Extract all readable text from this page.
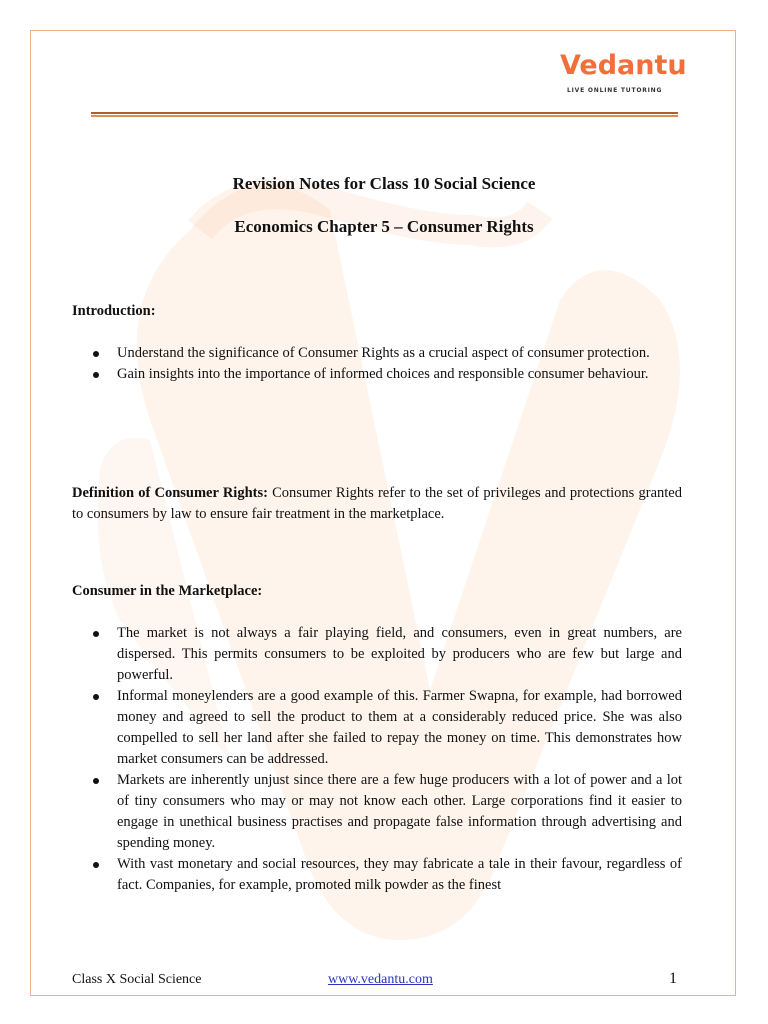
Vedantu
LIVE ONLINE TUTORING
Revision Notes for Class 10 Social Science
Economics Chapter 5 – Consumer Rights
Introduction:
Understand the significance of Consumer Rights as a crucial aspect of consumer protection.
Gain insights into the importance of informed choices and responsible consumer behaviour.
Definition of Consumer Rights: Consumer Rights refer to the set of privileges and protections granted to consumers by law to ensure fair treatment in the marketplace.
Consumer in the Marketplace:
The market is not always a fair playing field, and consumers, even in great numbers, are dispersed. This permits consumers to be exploited by producers who are few but large and powerful.
Informal moneylenders are a good example of this. Farmer Swapna, for example, had borrowed money and agreed to sell the product to them at a considerably reduced price. She was also compelled to sell her land after she failed to repay the money on time. This demonstrates how market consumers can be addressed.
Markets are inherently unjust since there are a few huge producers with a lot of power and a lot of tiny consumers who may or may not know each other. Large corporations find it easier to engage in unethical business practises and propagate false information through advertising and spending money.
With vast monetary and social resources, they may fabricate a tale in their favour, regardless of fact. Companies, for example, promoted milk powder as the finest
Class X Social Science	www.vedantu.com	1
